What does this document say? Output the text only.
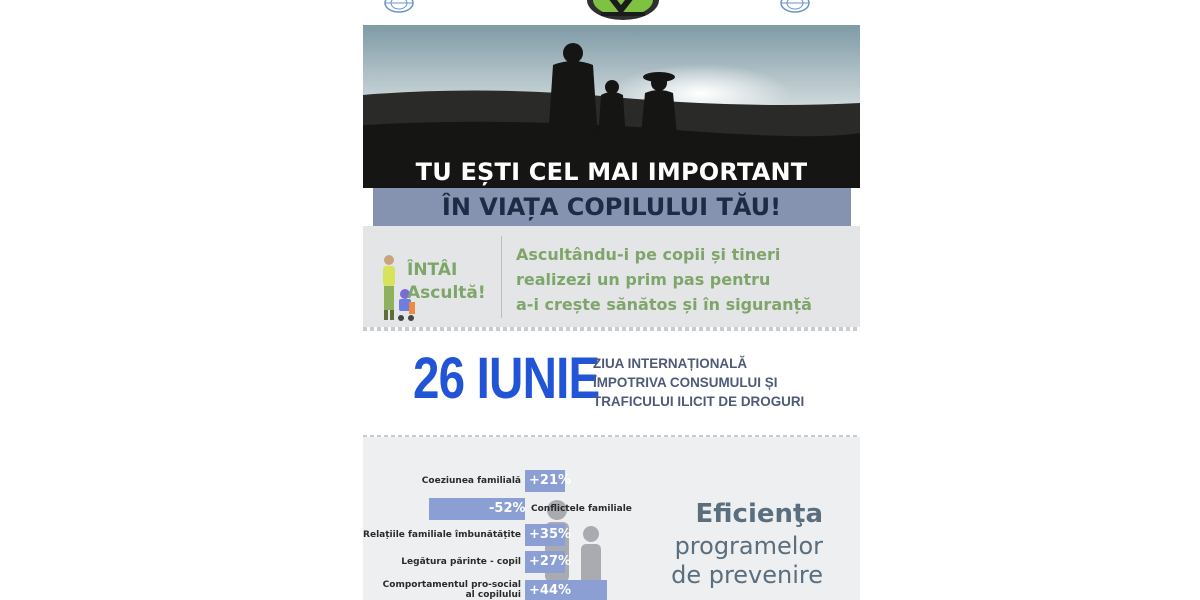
TU EȘTI CEL MAI IMPORTANT
ÎN VIAȚA COPILULUI TĂU!
ÎNTÂI
Ascultă!
Ascultându-i pe copii și tineri
realizezi un prim pas pentru
a-i crește sănătos și în siguranță
26 IUNIE
ZIUA INTERNAȚIONALĂ
ÎMPOTRIVA CONSUMULUI ȘI
TRAFICULUI ILICIT DE DROGURI
Coeziunea familială +21%
-52% Conflictele familiale
Relațiile familiale îmbunătățite +35%
Legătura părinte - copil +27%
Comportamentul pro-social
al copilului +44%
Eficienţa
programelor
de prevenire
